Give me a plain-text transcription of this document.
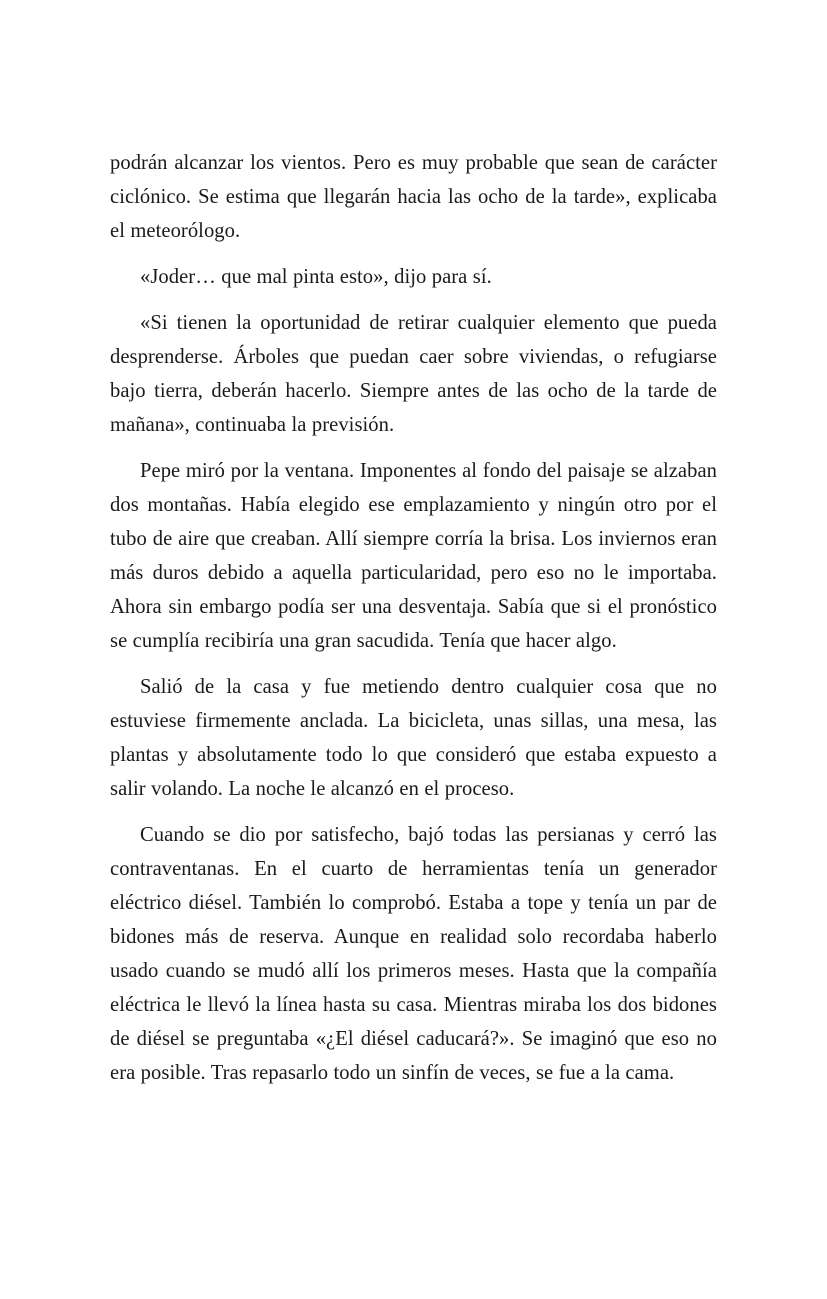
podrán alcanzar los vientos. Pero es muy probable que sean de carácter ciclónico. Se estima que llegarán hacia las ocho de la tarde», explicaba el meteorólogo.

«Joder… que mal pinta esto», dijo para sí.

«Si tienen la oportunidad de retirar cualquier elemento que pueda desprenderse. Árboles que puedan caer sobre viviendas, o refugiarse bajo tierra, deberán hacerlo. Siempre antes de las ocho de la tarde de mañana», continuaba la previsión.

Pepe miró por la ventana. Imponentes al fondo del paisaje se alzaban dos montañas. Había elegido ese emplazamiento y ningún otro por el tubo de aire que creaban. Allí siempre corría la brisa. Los inviernos eran más duros debido a aquella particularidad, pero eso no le importaba. Ahora sin embargo podía ser una desventaja. Sabía que si el pronóstico se cumplía recibiría una gran sacudida. Tenía que hacer algo.

Salió de la casa y fue metiendo dentro cualquier cosa que no estuviese firmemente anclada. La bicicleta, unas sillas, una mesa, las plantas y absolutamente todo lo que consideró que estaba expuesto a salir volando. La noche le alcanzó en el proceso.

Cuando se dio por satisfecho, bajó todas las persianas y cerró las contraventanas. En el cuarto de herramientas tenía un generador eléctrico diésel. También lo comprobó. Estaba a tope y tenía un par de bidones más de reserva. Aunque en realidad solo recordaba haberlo usado cuando se mudó allí los primeros meses. Hasta que la compañía eléctrica le llevó la línea hasta su casa. Mientras miraba los dos bidones de diésel se preguntaba «¿El diésel caducará?». Se imaginó que eso no era posible. Tras repasarlo todo un sinfín de veces, se fue a la cama.
